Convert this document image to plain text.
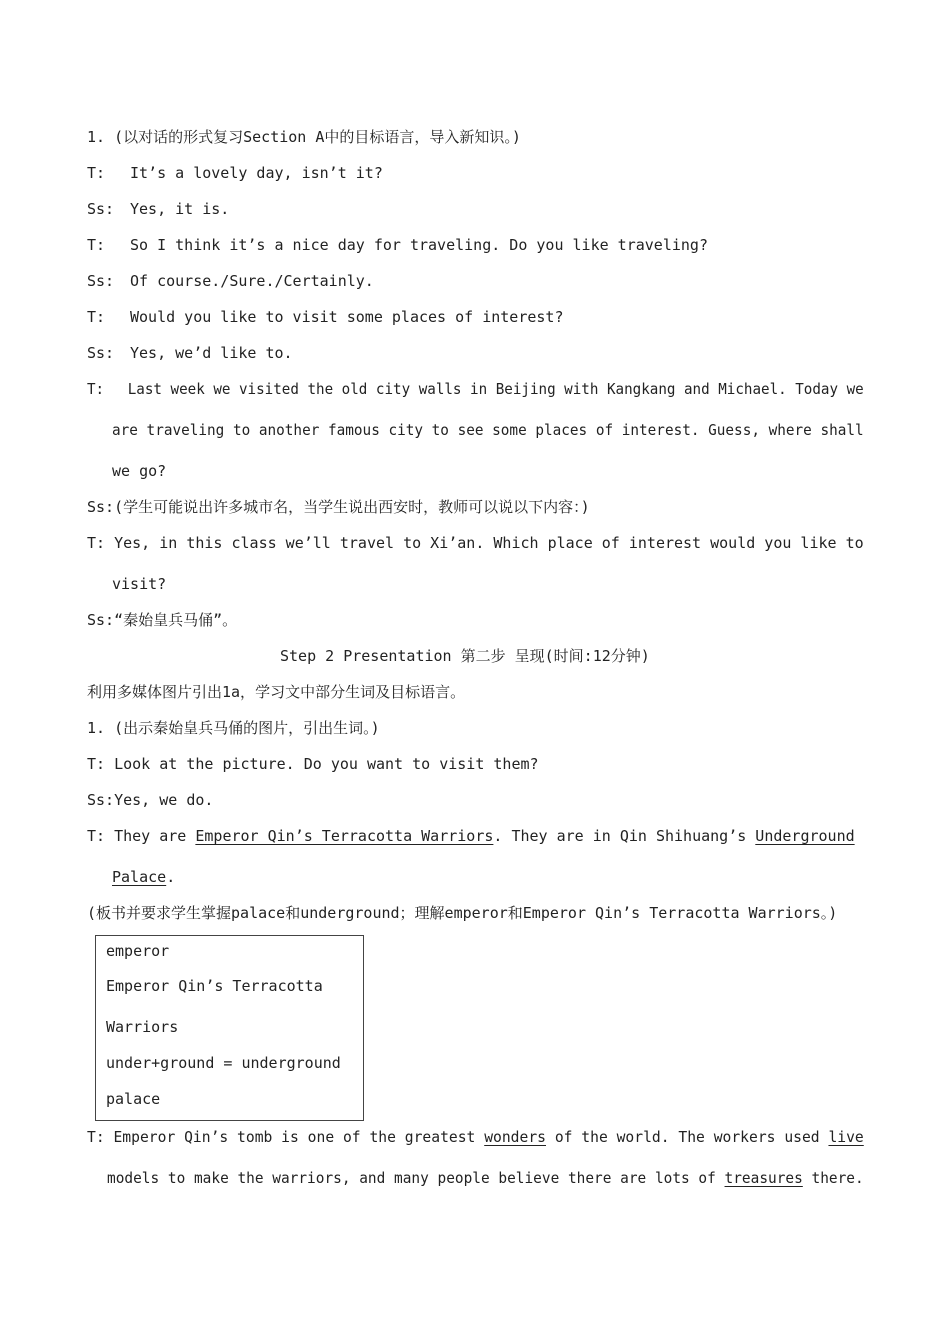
1. (以对话的形式复习Section A中的目标语言，导入新知识。)
T: It’s a lovely day, isn’t it?
Ss: Yes, it is.
T: So I think it’s a nice day for traveling. Do you like traveling?
Ss: Of course./Sure./Certainly.
T: Would you like to visit some places of interest?
Ss: Yes, we’d like to.
T: Last week we visited the old city walls in Beijing with Kangkang and Michael. Today we
are traveling to another famous city to see some places of interest. Guess, where shall
we go?
Ss:(学生可能说出许多城市名，当学生说出西安时，教师可以说以下内容：)
T: Yes, in this class we’ll travel to Xi’an. Which place of interest would you like to
visit?
Ss:“秦始皇兵马俑”。
Step 2 Presentation 第二步 呈现(时间:12分钟)
利用多媒体图片引出1a，学习文中部分生词及目标语言。
1. (出示秦始皇兵马俑的图片，引出生词。)
T: Look at the picture. Do you want to visit them?
Ss:Yes, we do.
T: They are Emperor Qin’s Terracotta Warriors. They are in Qin Shihuang’s Underground
Palace.
(板书并要求学生掌握palace和underground；理解emperor和Emperor Qin’s Terracotta Warriors。)
emperor
Emperor Qin’s Terracotta
Warriors
under+ground = underground
palace
T: Emperor Qin’s tomb is one of the greatest wonders of the world. The workers used live
models to make the warriors, and many people believe there are lots of treasures there.
